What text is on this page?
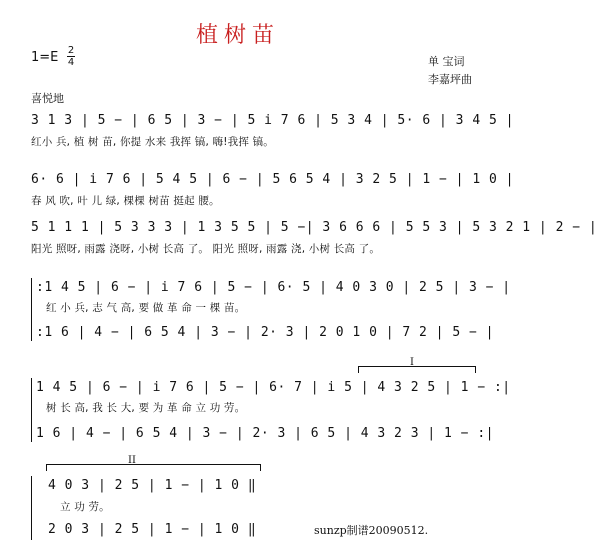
植树苗
1=E 2
4	单 宝词
李嘉坪曲
喜悦地
3 1 3 | 5 − | 6 5 | 3 − | 5 i 7 6 | 5 3 4 | 5· 6 | 3 4 5 |
红小 兵, 植 树 苗, 你提 水来 我挥 镐, 嗨!我挥 镐。
6· 6 | i 7 6 | 5 4 5 | 6 − | 5 6 5 4 | 3 2 5 | 1 − | 1 0 |
春 风 吹, 叶 儿 绿, 棵棵 树苗 挺起 腰。
5 1 1 1 | 5 3 3 3 | 1 3 5 5 | 5 −| 3 6 6 6 | 5 5 3 | 5 3 2 1 | 2 − |
阳光 照呀, 雨露 浇呀, 小树 长高 了。 阳光 照呀, 雨露 浇, 小树 长高 了。
:1 4 5 | 6 − | i 7 6 | 5 − | 6· 5 | 4 0 3 0 | 2 5 | 3 − |
红 小 兵, 志 气 高, 要 做 革 命 一 棵 苗。
:1 6 | 4 − | 6 5 4 | 3 − | 2· 3 | 2 0 1 0 | 7 2 | 5 − |
I
1 4 5 | 6 − | i 7 6 | 5 − | 6· 7 | i 5 | 4 3 2 5 | 1 − :|
树 长 高, 我 长 大, 要 为 革 命 立 功 劳。
1 6 | 4 − | 6 5 4 | 3 − | 2· 3 | 6 5 | 4 3 2 3 | 1 − :|
II
4 0 3 | 2 5 | 1 − | 1 0 ‖
立 功 劳。
2 0 3 | 2 5 | 1 − | 1 0 ‖	sunzp制谱20090512.
